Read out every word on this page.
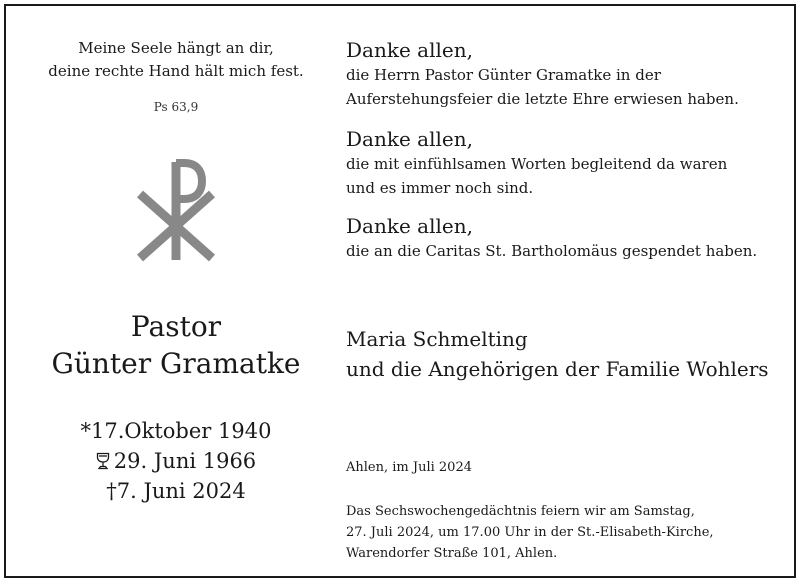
Meine Seele hängt an dir,
deine rechte Hand hält mich fest.
Ps 63,9
Pastor
Günter Gramatke
*17.Oktober 1940
29. Juni 1966
†7. Juni 2024
Danke allen,
die Herrn Pastor Günter Gramatke in der
Auferstehungsfeier die letzte Ehre erwiesen haben.
Danke allen,
die mit einfühlsamen Worten begleitend da waren
und es immer noch sind.
Danke allen,
die an die Caritas St. Bartholomäus gespendet haben.
Maria Schmelting
und die Angehörigen der Familie Wohlers
Ahlen, im Juli 2024
Das Sechswochengedächtnis feiern wir am Samstag,
27. Juli 2024, um 17.00 Uhr in der St.-Elisabeth-Kirche,
Warendorfer Straße 101, Ahlen.
